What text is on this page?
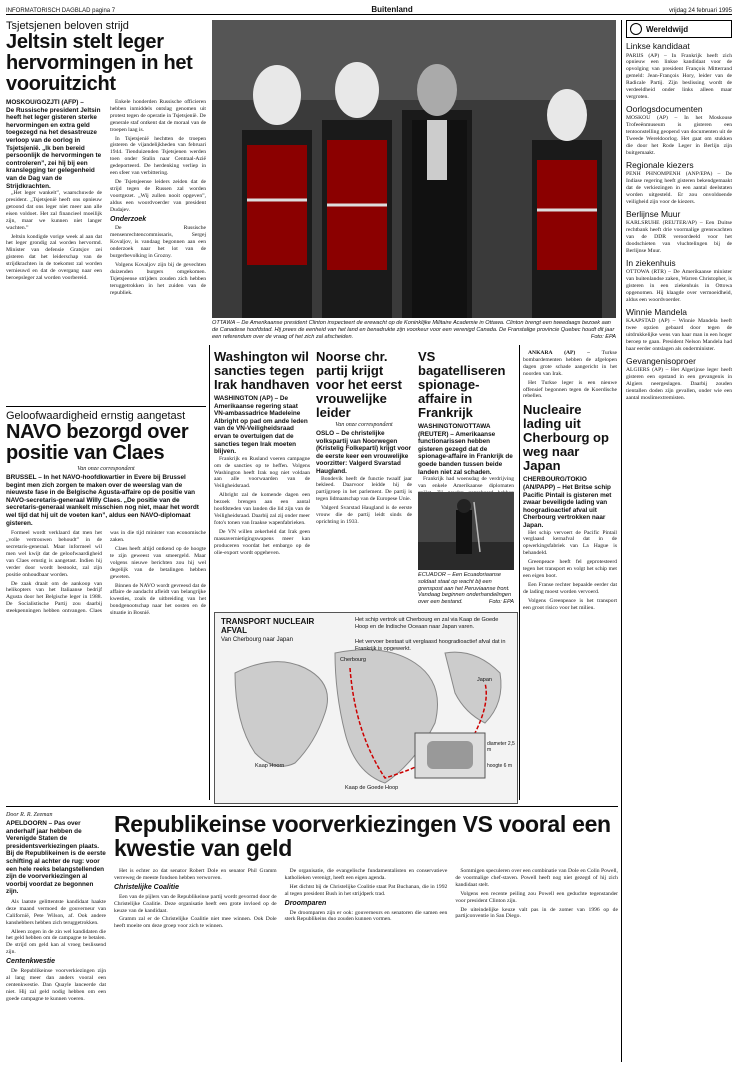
INFORMATORISCH DAGBLAD pagina 7	Buitenland	vrijdag 24 februari 1995
Tsjetsjenen beloven strijd
Jeltsin stelt leger hervormingen in het vooruitzicht
MOSKOU/GOZJTI (AFP) –
De Russische president Jeltsin heeft het leger gisteren sterke hervormingen en extra geld toegezegd na het desastreuze verloop van de oorlog in Tsjetsjenië. „Ik ben bereid persoonlijk de hervormingen te controleren”, zei hij bij een kranslegging ter gelegenheid van de Dag van de Strijdkrachten.

„Het leger wankelt”, waarschuwde de president. „Tsjetsjenië heeft ons opnieuw getoond dat ons leger niet meer aan alle eisen voldoet. Het zal financieel moeilijk zijn, maar we kunnen niet langer wachten.”

Jeltsin kondigde vorige week al aan dat het leger grondig zal worden hervormd. Minister van defensie Gratsjov zei gisteren dat het leiderschap van de strijdkrachten in de toekomst zal worden vernieuwd en dat de overgang naar een beroepsleger zal worden voorbereid.

Enkele honderden Russische officieren hebben inmiddels ontslag genomen uit protest tegen de operatie in Tsjetsjenië. De generale staf ontkent dat de moraal van de troepen laag is.

In Tsjetsjenië hechtten de troepen gisteren de vijandelijkheden van februari 1944. Tienduizenden Tsjetsjenen werden toen onder Stalin naar Centraal-Azië gedeporteerd. De herdenking verliep in een sfeer van verbittering.

De Tsjetsjeense leiders zeiden dat de strijd tegen de Russen zal worden voortgezet. „Wij zullen nooit opgeven”, aldus een woordvoerder van president Dudajev.

Onderzoek

De Russische mensenrechtencommissaris, Sergej Kovaljov, is vandaag begonnen aan een onderzoek naar het lot van de burgerbevolking in Grozny.

Volgens Kovaljov zijn bij de gevechten duizenden burgers omgekomen. Tsjetsjeense strijders zouden zich hebben teruggetrokken in het zuiden van de republiek.

OTTAWA – De Amerikaanse president Clinton inspecteert de erewacht op de Koninklijke Militaire Academie in Ottawa. Clinton brengt een tweedaags bezoek aan de Canadese hoofdstad. Hij prees de eenheid van het land en benadrukte zijn voorkeur voor een verenigd Canada. De Franstalige provincie Quebec houdt dit jaar een referendum over de vraag of het zich zal afscheiden.	Foto: EPA
Geloofwaardigheid ernstig aangetast
NAVO bezorgd over positie van Claes
Van onze correspondent
BRUSSEL – In het NAVO-hoofdkwartier in Evere bij Brussel begint men zich zorgen te maken over de weerslag van de nieuwste fase in de Belgische Agusta-affaire op de positie van NAVO-secretaris-generaal Willy Claes. „De positie van de secretaris-generaal wankelt misschien nog niet, maar het wordt wel tijd dat hij uit de voeten kan”, aldus een NAVO-diplomaat gisteren.

Formeel wordt verklaard dat men het „volle vertrouwen behoudt” in de secretaris-generaal. Maar informeel wil men wel kwijt dat de geloofwaardigheid van Claes ernstig is aangetast. Indien hij verder door wordt bestookt, zal zijn positie onhoudbaar worden.

De zaak draait om de aankoop van helikopters van het Italiaanse bedrijf Agusta door het Belgische leger in 1988. De Socialistische Partij zou daarbij steekpenningen hebben ontvangen. Claes was in die tijd minister van economische zaken.

Claes heeft altijd ontkend op de hoogte te zijn geweest van smeergeld. Maar volgens nieuwe berichten zou hij wel degelijk van de betalingen hebben geweten.

Binnen de NAVO wordt gevreesd dat de affaire de aandacht afleidt van belangrijke kwesties, zoals de uitbreiding van het bondgenootschap naar het oosten en de situatie in Bosnië.

Washington wil sancties tegen Irak handhaven
WASHINGTON (AP) – De Amerikaanse regering staat VN-ambassadrice Madeleine Albright op pad om ande leden van de VN-Veiligheidsraad ervan te overtuigen dat de sancties tegen Irak moeten blijven.

Frankrijk en Rusland voeren campagne om de sancties op te heffen. Volgens Washington heeft Irak nog niet voldaan aan alle voorwaarden van de Veiligheidsraad.

Albright zal de komende dagen een bezoek brengen aan een aantal hoofdsteden van landen die lid zijn van de Veiligheidsraad. Daarbij zal zij onder meer foto's tonen van Iraakse wapenfabrieken.

De VN willen zekerheid dat Irak geen massavernietigingswapens meer kan produceren voordat het embargo op de olie-export wordt opgeheven.

Noorse chr. partij krijgt voor het eerst vrouwelijke leider
Van onze correspondent
OSLO – De christelijke volkspartij van Noorwegen (Kristelig Folkeparti) krijgt voor de eerste keer een vrouwelijke voorzitter: Valgerd Svarstad Haugland.

Bondevik heeft de functie twaalf jaar bekleed. Daarvoor leidde hij de partijgroep in het parlement. De partij is tegen lidmaatschap van de Europese Unie.

Valgerd Svarstad Haugland is de eerste vrouw die de partij leidt sinds de oprichting in 1933.

VS bagatelliseren spionage-affaire in Frankrijk
WASHINGTON/OTTAWA (REUTER) – Amerikaanse functionarissen hebben gisteren gezegd dat de spionage-affaire in Frankrijk de goede banden tussen beide landen niet zal schaden.

Frankrijk had woensdag de verdrijving van enkele Amerikaanse diplomaten

ECUADOR – Een Ecuadoriaanse soldaat staat op wacht bij een grenspost aan het Peruviaanse front. Vandaag beginnen onderhandelingen over een bestand.	Foto: EPA
TRANSPORT NUCLEAIR AFVAL
Van Cherbourg naar Japan
Het schip vertrok uit Cherbourg en zal via Kaap de Goede Hoop en de Indische Oceaan naar Japan varen.
Het vervoer bestaat uit verglaasd hoogradioactief afval dat in Frankrijk is opgewerkt.
Cherbourg
Japan
Kaap Hoorn
Kaap de Goede Hoop
diameter 2,5 m
hoogte 6 m

ANKARA (AP) – Turkse bombardementen hebben de afgelopen dagen grote schade aangericht in het noorden van Irak.

Het Turkse leger is een nieuwe offensief begonnen tegen de Koerdische rebellen.

Nucleaire lading uit Cherbourg op weg naar Japan
CHERBOURG/TOKIO (AN/PAPP) – Het Britse schip Pacific Pintail is gisteren met zwaar beveiligde lading van hoogradioactief afval uit Cherbourg vertrokken naar Japan.

Het schip vervoert de Pacific Pintail verglaasd kernafval dat in de opwerkingsfabriek van La Hague is behandeld.

Greenpeace heeft fel geprotesteerd tegen het transport en volgt het schip met een eigen boot.

Een Franse rechter bepaalde eerder dat de lading moest worden vervoerd.

Volgens Greenpeace is het transport een groot risico voor het milieu.

Door R. R. Zeeman
APELDOORN – Pas over anderhalf jaar hebben de Verenigde Staten de presidentsverkiezingen plaats. Bij de Republikeinen is de eerste schifting al achter de rug: voor een hele reeks belangstellenden zijn de voorverkiezingen al voorbij voordat ze begonnen zijn.

Als laatste gelittentste kandidaat haakte deze maand vermoed de gouverneur van Californië, Pete Wilson, af. Ook andere kanshebbers hebben zich teruggetrokken.

Alleen zogen in de zin wel kandidaten die het geld hebben om de campagne te betalen. De strijd om geld kan al vroeg beslissend zijn.

Centenkwestie

De Republikeinse voorverkiezingen zijn al lang meer dan anders vooral een centenkwestie. Dan Quayle lanceerde dat niet. Hij zal geld nodig hebben om een goede campagne te kunnen voeren.

Republikeinse voorverkiezingen VS vooral een kwestie van geld

Het is echter zo dat senator Robert Dole en senator Phil Gramm verreweg de meeste fondsen hebben verworven.

Christelijke Coalitie

Een van de pijlers van de Republikeinse partij wordt gevormd door de Christelijke Coalitie. Deze organisatie heeft een grote invloed op de keuze van de kandidaat.

Gramm zal er de Christelijke Coalitie niet mee winnen. Ook Dole heeft moeite om deze groep voor zich te winnen.

De organisatie, die evangelische fundamentalisten en conservatieve katholieken verenigt, heeft een eigen agenda.

Het dichtst bij de Christelijke Coalitie staat Pat Buchanan, die in 1992 al tegen president Bush in het strijdperk trad.

Droomparen

De droomparen zijn er ook: gouverneurs en senatoren die samen een sterk Republikeins duo zouden kunnen vormen.

Sommigen speculeren over een combinatie van Dole en Colin Powell, de voormalige chef-staven. Powell heeft nog niet gezegd of hij zich kandidaat stelt.

Volgens een recente peiling zou Powell een geduchte tegenstander voor president Clinton zijn.

De uiteindelijke keuze valt pas in de zomer van 1996 op de partijconventie in San Diego.

Wereldwijd
Linkse kandidaat
PARIJS (AP) – In Frankrijk heeft zich opnieuw een linkse kandidaat voor de opvolging van president François Mitterrand gemeld: Jean-François Hory, leider van de Radicale Partij. Zijn beslissing wordt de verdeeldheid onder links alleen maar vergroten.
Oorlogsdocumenten
MOSKOU (AP) – In het Moskouse Trofeeënmuseum is gisteren een tentoonstelling geopend van documenten uit de Tweede Wereldoorlog. Het gaat om stukken die door het Rode Leger in Berlijn zijn buitgemaakt.
Regionale kiezers
PENH PHNOMPENH (ANP/EPA) – De Indiase regering heeft gisteren bekendgemaakt dat de verkiezingen in een aantal deelstaten worden uitgesteld. Er zou onvoldoende veiligheid zijn voor de kiezers.
Berlijnse Muur
KARLSRUHE (REUTER/AP) – Een Duitse rechtbank heeft drie voormalige grenswachten van de DDR veroordeeld voor het doodschieten van vluchtelingen bij de Berlijnse Muur.
In ziekenhuis
OTTOWA (RTR) – De Amerikaanse minister van buitenlandse zaken, Warren Christopher, is gisteren in een ziekenhuis in Ottowa opgenomen. Hij klaagde over vermoeidheid, aldus een woordvoerder.
Winnie Mandela
KAAPSTAD (AP) – Winnie Mandela heeft twee opzien gebaard door tegen de uitdrukkelijke wens van haar man in een hoger beroep te gaan. President Nelson Mandela had haar eerder ontslagen als onderminister.
Gevangenisoproer
ALGIERS (AP) – Het Algerijnse leger heeft gisteren een opstand in een gevangenis in Algiers neergeslagen. Daarbij zouden tientallen doden zijn gevallen, onder wie een aantal moslimextremisten.
